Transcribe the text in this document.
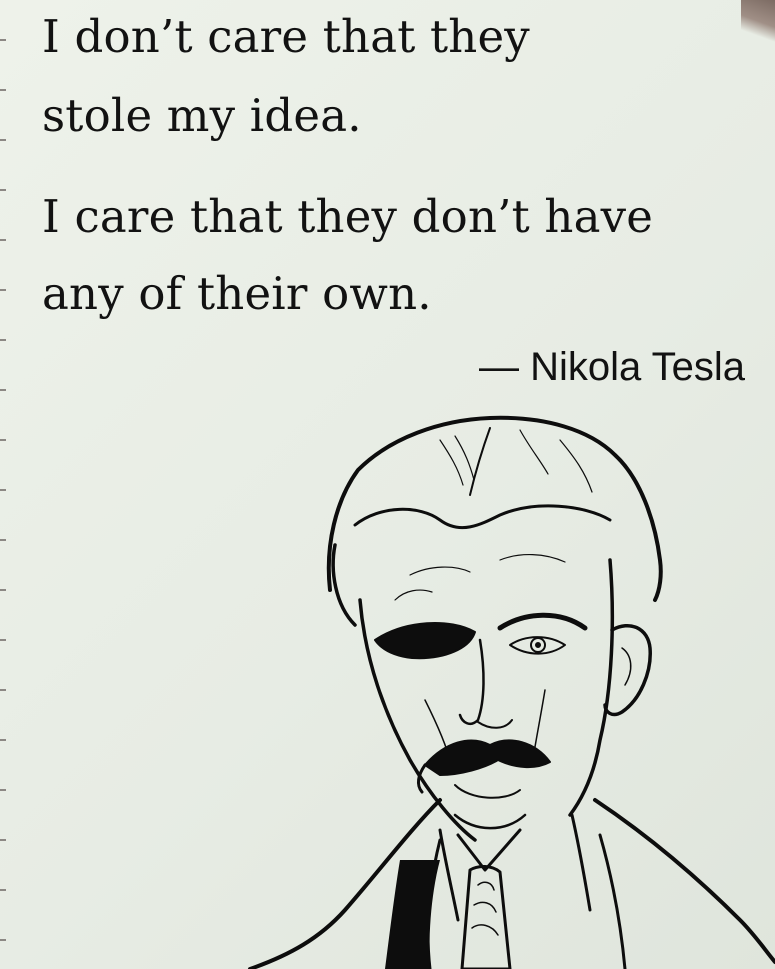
I don’t care that they

stole my idea.

I care that they don’t have

any of their own.

— Nikola Tesla
